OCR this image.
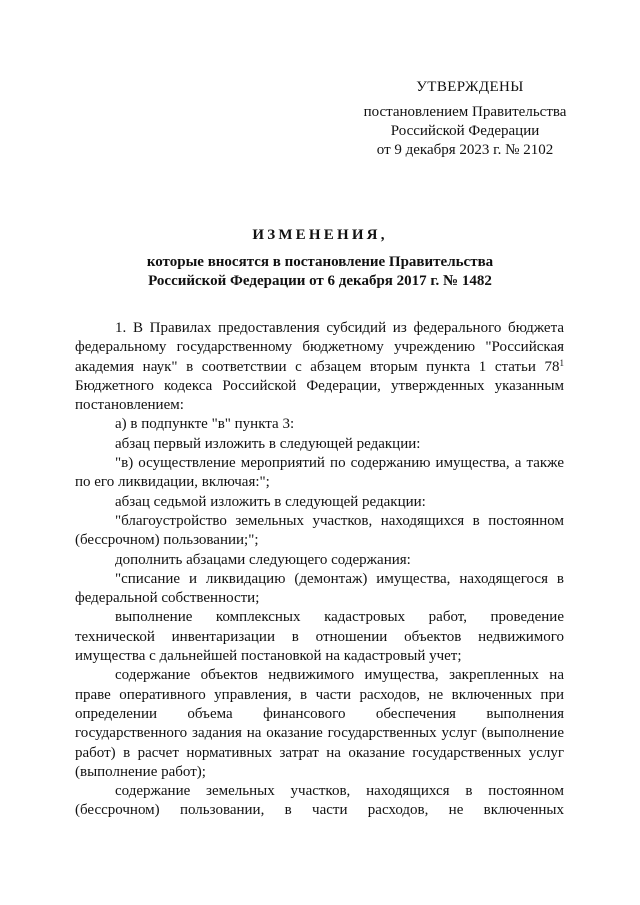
УТВЕРЖДЕНЫ
постановлением Правительства
Российской Федерации
от 9 декабря 2023 г. № 2102
ИЗМЕНЕНИЯ,
которые вносятся в постановление Правительства
Российской Федерации от 6 декабря 2017 г. № 1482

1. В Правилах предоставления субсидий из федерального бюджета федеральному государственному бюджетному учреждению "Российская академия наук" в соответствии с абзацем вторым пункта 1 статьи $78^1$ Бюджетного кодекса Российской Федерации, утвержденных указанным постановлением:

а) в подпункте "в" пункта 3:

абзац первый изложить в следующей редакции:

"в) осуществление мероприятий по содержанию имущества, а также по его ликвидации, включая:";

абзац седьмой изложить в следующей редакции:

"благоустройство земельных участков, находящихся в постоянном (бессрочном) пользовании;";

дополнить абзацами следующего содержания:

"списание и ликвидацию (демонтаж) имущества, находящегося в федеральной собственности;

выполнение комплексных кадастровых работ, проведение технической инвентаризации в отношении объектов недвижимого имущества с дальнейшей постановкой на кадастровый учет;

содержание объектов недвижимого имущества, закрепленных на праве оперативного управления, в части расходов, не включенных при определении объема финансового обеспечения выполнения государственного задания на оказание государственных услуг (выполнение работ) в расчет нормативных затрат на оказание государственных услуг (выполнение работ);

содержание земельных участков, находящихся в постоянном (бессрочном) пользовании, в части расходов, не включенных
